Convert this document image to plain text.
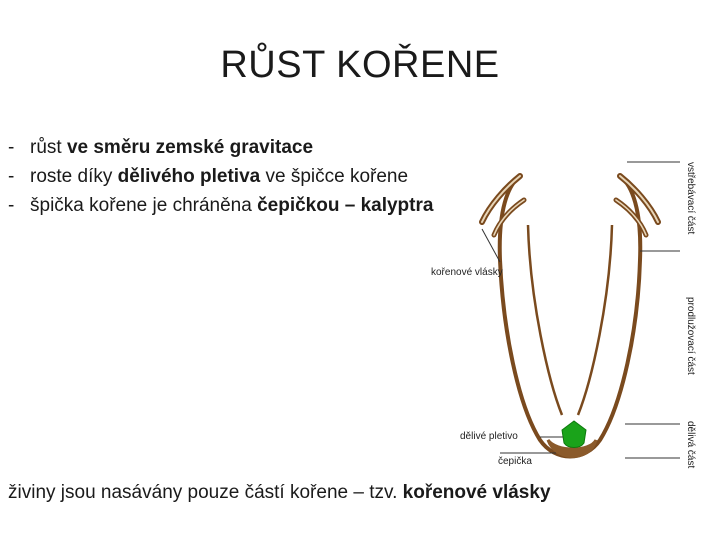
RŮST KOŘENE
- růst ve směru zemské gravitace
- roste díky dělivého pletiva ve špičce kořene
- špička kořene je chráněna čepičkou – kalyptra
kořenové vlásky
dělivé pletivo
čepička
vstřebávací část
prodlužovací část
dělivá část
živiny jsou nasávány pouze částí kořene – tzv. kořenové vlásky
